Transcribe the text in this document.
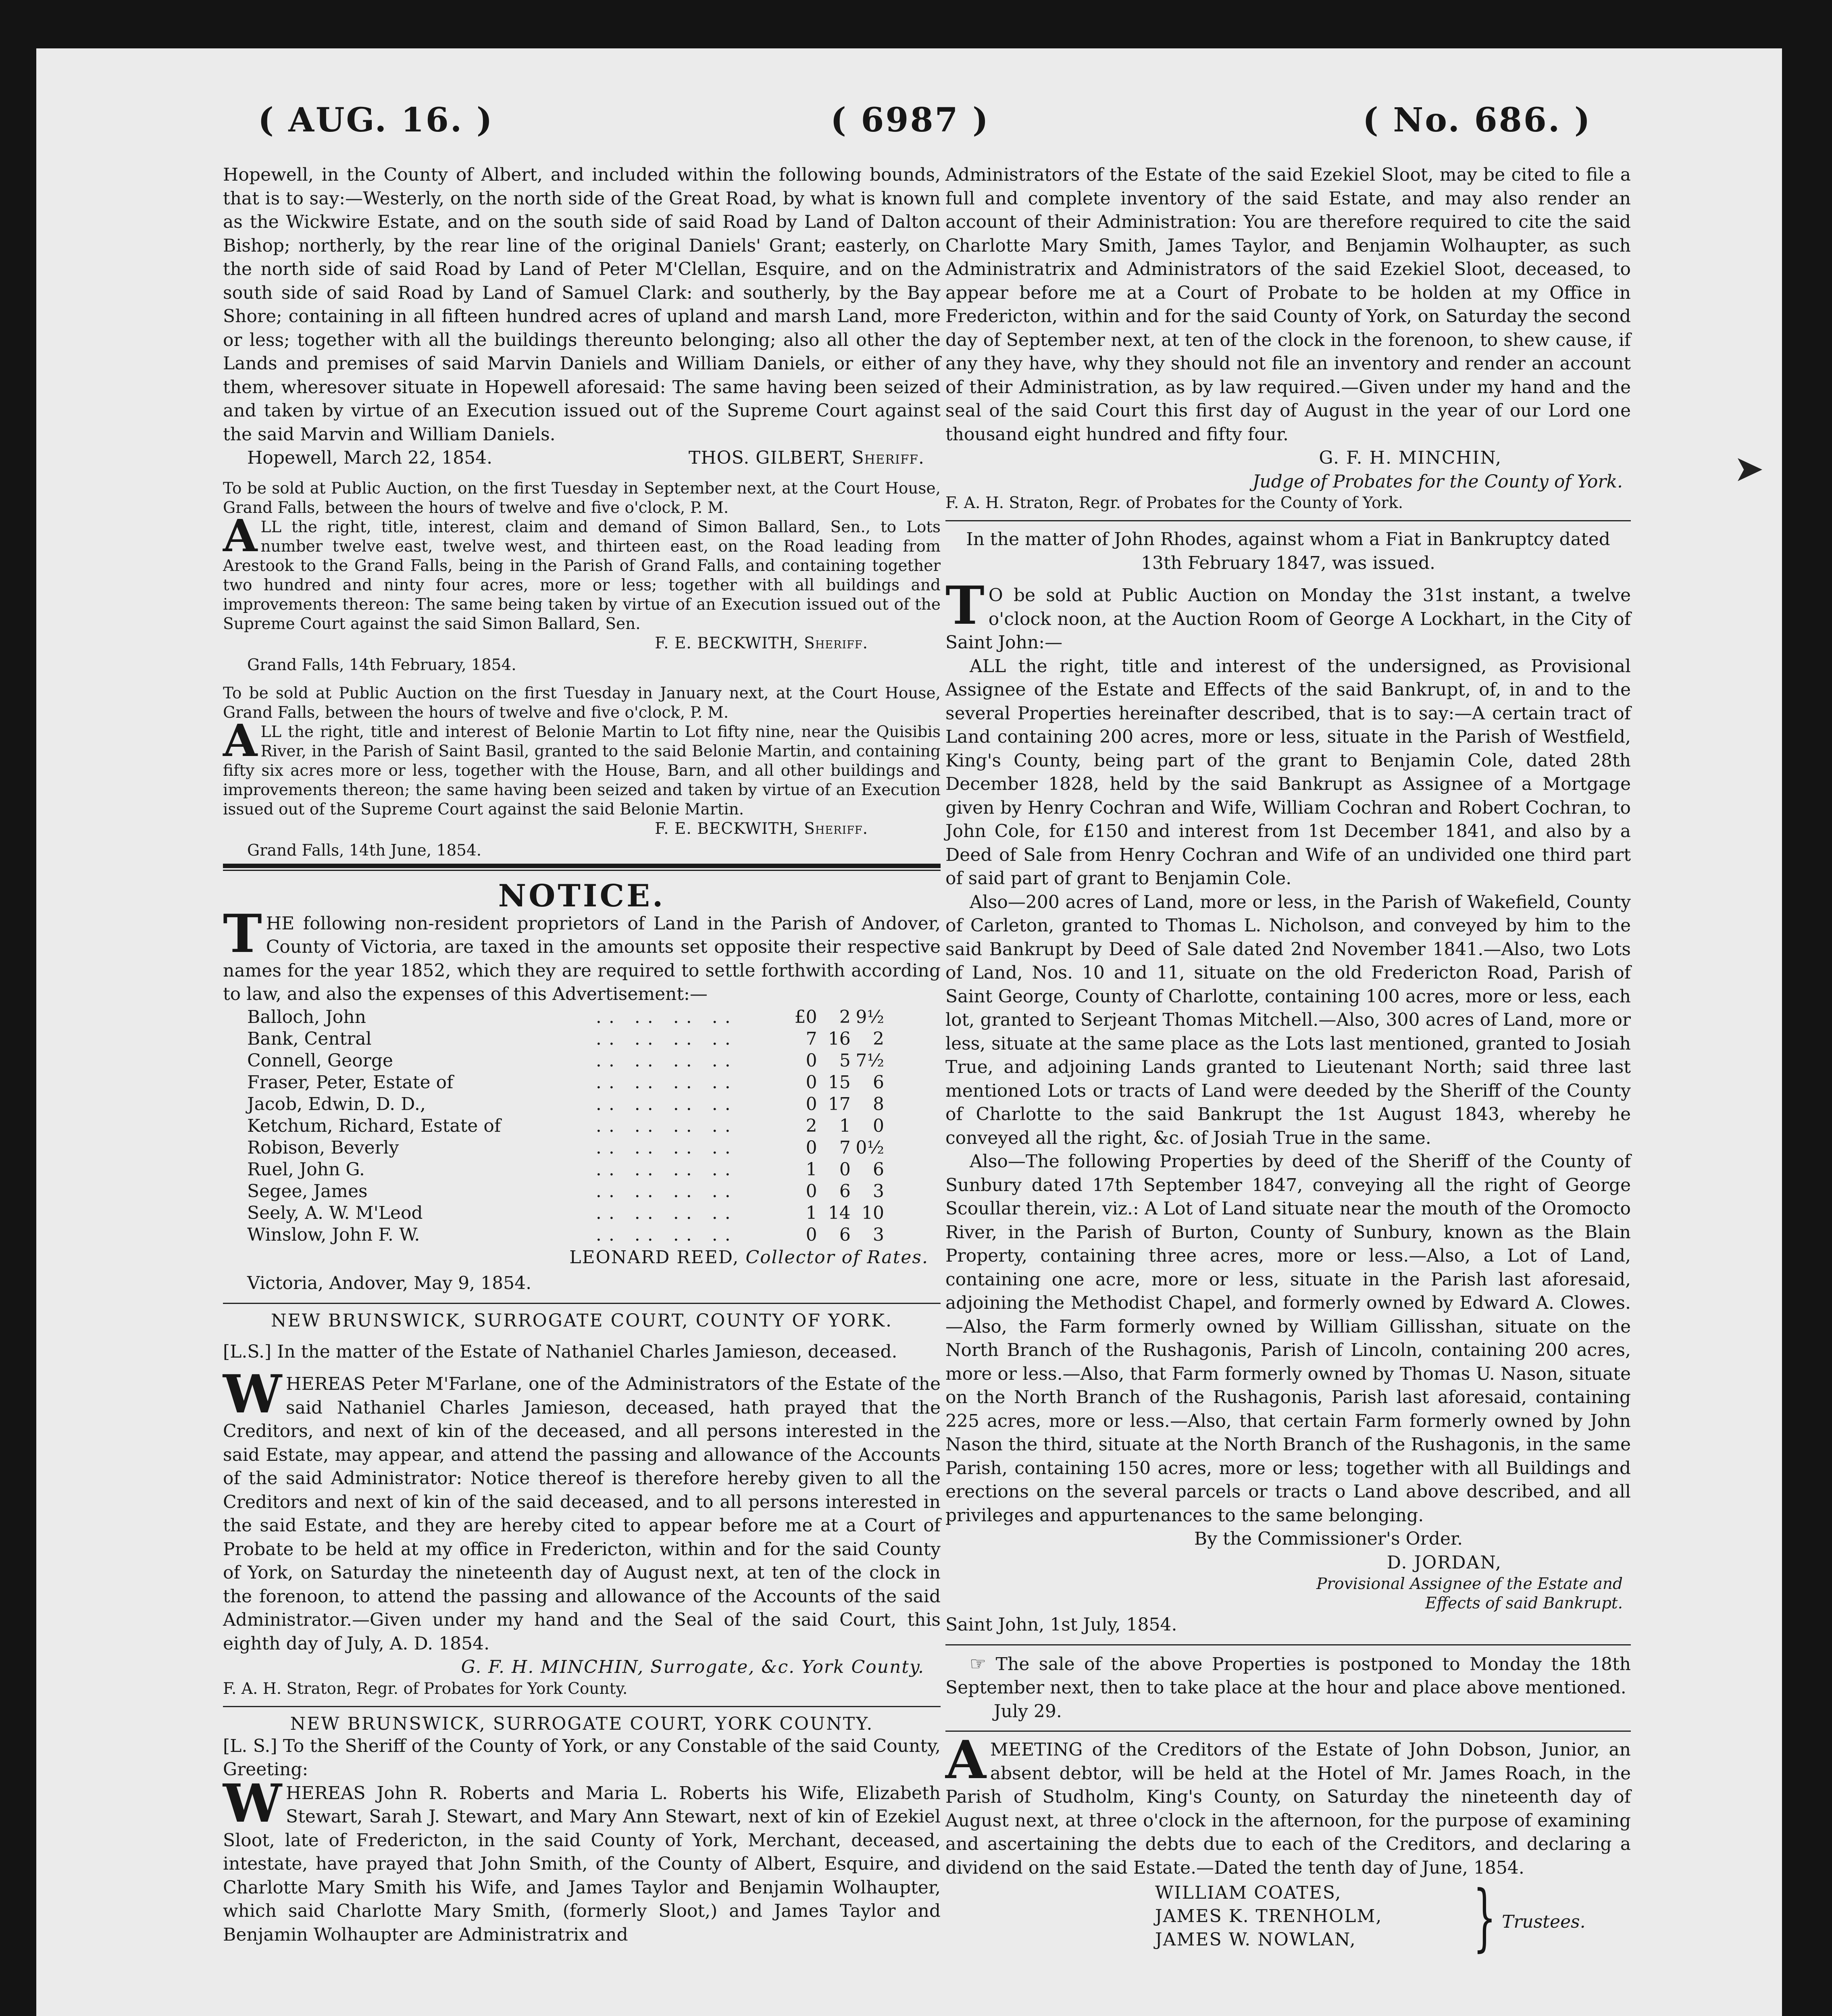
( AUG. 16. )	( 6987 )	( No. 686. )

Hopewell, in the County of Albert, and included within the following bounds, that is to say:—Westerly, on the north side of the Great Road, by what is known as the Wickwire Estate, and on the south side of said Road by Land of Dalton Bishop; northerly, by the rear line of the original Daniels' Grant; easterly, on the north side of said Road by Land of Peter M'Clellan, Esquire, and on the south side of said Road by Land of Samuel Clark: and southerly, by the Bay Shore; containing in all fifteen hundred acres of upland and marsh Land, more or less; together with all the buildings thereunto belonging; also all other the Lands and premises of said Marvin Daniels and William Daniels, or either of them, wheresover situate in Hopewell aforesaid: The same having been seized and taken by virtue of an Execution issued out of the Supreme Court against the said Marvin and William Daniels.

Hopewell, March 22, 1854.	THOS. GILBERT, Sheriff.

To be sold at Public Auction, on the first Tuesday in September next, at the Court House, Grand Falls, between the hours of twelve and five o'clock, P. M.

ALL the right, title, interest, claim and demand of Simon Ballard, Sen., to Lots number twelve east, twelve west, and thirteen east, on the Road leading from Arestook to the Grand Falls, being in the Parish of Grand Falls, and containing together two hundred and ninty four acres, more or less; together with all buildings and improvements thereon: The same being taken by virtue of an Execution issued out of the Supreme Court against the said Simon Ballard, Sen.

F. E. BECKWITH, Sheriff.

Grand Falls, 14th February, 1854.

To be sold at Public Auction on the first Tuesday in January next, at the Court House, Grand Falls, between the hours of twelve and five o'clock, P. M.

ALL the right, title and interest of Belonie Martin to Lot fifty nine, near the Quisibis River, in the Parish of Saint Basil, granted to the said Belonie Martin, and containing fifty six acres more or less, together with the House, Barn, and all other buildings and improvements thereon; the same having been seized and taken by virtue of an Execution issued out of the Supreme Court against the said Belonie Martin.

F. E. BECKWITH, Sheriff.

Grand Falls, 14th June, 1854.

NOTICE.

THE following non-resident proprietors of Land in the Parish of Andover, County of Victoria, are taxed in the amounts set opposite their respective names for the year 1852, which they are required to settle forthwith according to law, and also the expenses of this Advertisement:—

Balloch, John	.. .. .. ..	£0	2	9½
Bank, Central	.. .. .. ..	7	16	2
Connell, George	.. .. .. ..	0	5	7½
Fraser, Peter, Estate of	.. .. .. ..	0	15	6
Jacob, Edwin, D. D.,	.. .. .. ..	0	17	8
Ketchum, Richard, Estate of	.. .. .. ..	2	1	0
Robison, Beverly	.. .. .. ..	0	7	0½
Ruel, John G.	.. .. .. ..	1	0	6
Segee, James	.. .. .. ..	0	6	3
Seely, A. W. M'Leod	.. .. .. ..	1	14	10
Winslow, John F. W.	.. .. .. ..	0	6	3

LEONARD REED, Collector of Rates.

Victoria, Andover, May 9, 1854.

NEW BRUNSWICK, SURROGATE COURT, COUNTY OF YORK.

[L.S.] In the matter of the Estate of Nathaniel Charles Jamieson, deceased.

WHEREAS Peter M'Farlane, one of the Administrators of the Estate of the said Nathaniel Charles Jamieson, deceased, hath prayed that the Creditors, and next of kin of the deceased, and all persons interested in the said Estate, may appear, and attend the passing and allowance of the Accounts of the said Administrator: Notice thereof is therefore hereby given to all the Creditors and next of kin of the said deceased, and to all persons interested in the said Estate, and they are hereby cited to appear before me at a Court of Probate to be held at my office in Fredericton, within and for the said County of York, on Saturday the nineteenth day of August next, at ten of the clock in the forenoon, to attend the passing and allowance of the Accounts of the said Administrator.—Given under my hand and the Seal of the said Court, this eighth day of July, A. D. 1854.

G. F. H. MINCHIN, Surrogate, &c. York County.

F. A. H. Straton, Regr. of Probates for York County.

NEW BRUNSWICK, SURROGATE COURT, YORK COUNTY.

[L. S.] To the Sheriff of the County of York, or any Constable of the said County, Greeting:

WHEREAS John R. Roberts and Maria L. Roberts his Wife, Elizabeth Stewart, Sarah J. Stewart, and Mary Ann Stewart, next of kin of Ezekiel Sloot, late of Fredericton, in the said County of York, Merchant, deceased, intestate, have prayed that John Smith, of the County of Albert, Esquire, and Charlotte Mary Smith his Wife, and James Taylor and Benjamin Wolhaupter, which said Charlotte Mary Smith, (formerly Sloot,) and James Taylor and Benjamin Wolhaupter are Administratrix and

Administrators of the Estate of the said Ezekiel Sloot, may be cited to file a full and complete inventory of the said Estate, and may also render an account of their Administration: You are therefore required to cite the said Charlotte Mary Smith, James Taylor, and Benjamin Wolhaupter, as such Administratrix and Administrators of the said Ezekiel Sloot, deceased, to appear before me at a Court of Probate to be holden at my Office in Fredericton, within and for the said County of York, on Saturday the second day of September next, at ten of the clock in the forenoon, to shew cause, if any they have, why they should not file an inventory and render an account of their Administration, as by law required.—Given under my hand and the seal of the said Court this first day of August in the year of our Lord one thousand eight hundred and fifty four.

G. F. H. MINCHIN,

Judge of Probates for the County of York.

F. A. H. Straton, Regr. of Probates for the County of York.

In the matter of John Rhodes, against whom a Fiat in Bankruptcy dated 13th February 1847, was issued.

TO be sold at Public Auction on Monday the 31st instant, a twelve o'clock noon, at the Auction Room of George A Lockhart, in the City of Saint John:—

ALL the right, title and interest of the undersigned, as Provisional Assignee of the Estate and Effects of the said Bankrupt, of, in and to the several Properties hereinafter described, that is to say:—A certain tract of Land containing 200 acres, more or less, situate in the Parish of Westfield, King's County, being part of the grant to Benjamin Cole, dated 28th December 1828, held by the said Bankrupt as Assignee of a Mortgage given by Henry Cochran and Wife, William Cochran and Robert Cochran, to John Cole, for £150 and interest from 1st December 1841, and also by a Deed of Sale from Henry Cochran and Wife of an undivided one third part of said part of grant to Benjamin Cole.

Also—200 acres of Land, more or less, in the Parish of Wakefield, County of Carleton, granted to Thomas L. Nicholson, and conveyed by him to the said Bankrupt by Deed of Sale dated 2nd November 1841.—Also, two Lots of Land, Nos. 10 and 11, situate on the old Fredericton Road, Parish of Saint George, County of Charlotte, containing 100 acres, more or less, each lot, granted to Serjeant Thomas Mitchell.—Also, 300 acres of Land, more or less, situate at the same place as the Lots last mentioned, granted to Josiah True, and adjoining Lands granted to Lieutenant North; said three last mentioned Lots or tracts of Land were deeded by the Sheriff of the County of Charlotte to the said Bankrupt the 1st August 1843, whereby he conveyed all the right, &c. of Josiah True in the same.

Also—The following Properties by deed of the Sheriff of the County of Sunbury dated 17th September 1847, conveying all the right of George Scoullar therein, viz.: A Lot of Land situate near the mouth of the Oromocto River, in the Parish of Burton, County of Sunbury, known as the Blain Property, containing three acres, more or less.—Also, a Lot of Land, containing one acre, more or less, situate in the Parish last aforesaid, adjoining the Methodist Chapel, and formerly owned by Edward A. Clowes.—Also, the Farm formerly owned by William Gillisshan, situate on the North Branch of the Rushagonis, Parish of Lincoln, containing 200 acres, more or less.—Also, that Farm formerly owned by Thomas U. Nason, situate on the North Branch of the Rushagonis, Parish last aforesaid, containing 225 acres, more or less.—Also, that certain Farm formerly owned by John Nason the third, situate at the North Branch of the Rushagonis, in the same Parish, containing 150 acres, more or less; together with all Buildings and erections on the several parcels or tracts o Land above described, and all privileges and appurtenances to the same belonging.

By the Commissioner's Order.

D. JORDAN,

Provisional Assignee of the Estate and Effects of said Bankrupt.

Saint John, 1st July, 1854.

☞ The sale of the above Properties is postponed to Monday the 18th September next, then to take place at the hour and place above mentioned.

July 29.

AMEETING of the Creditors of the Estate of John Dobson, Junior, an absent debtor, will be held at the Hotel of Mr. James Roach, in the Parish of Studholm, King's County, on Saturday the nineteenth day of August next, at three o'clock in the afternoon, for the purpose of examining and ascertaining the debts due to each of the Creditors, and declaring a dividend on the said Estate.—Dated the tenth day of June, 1854.

WILLIAM COATES,
JAMES K. TRENHOLM,
JAMES W. NOWLAN, } Trustees.
➤
